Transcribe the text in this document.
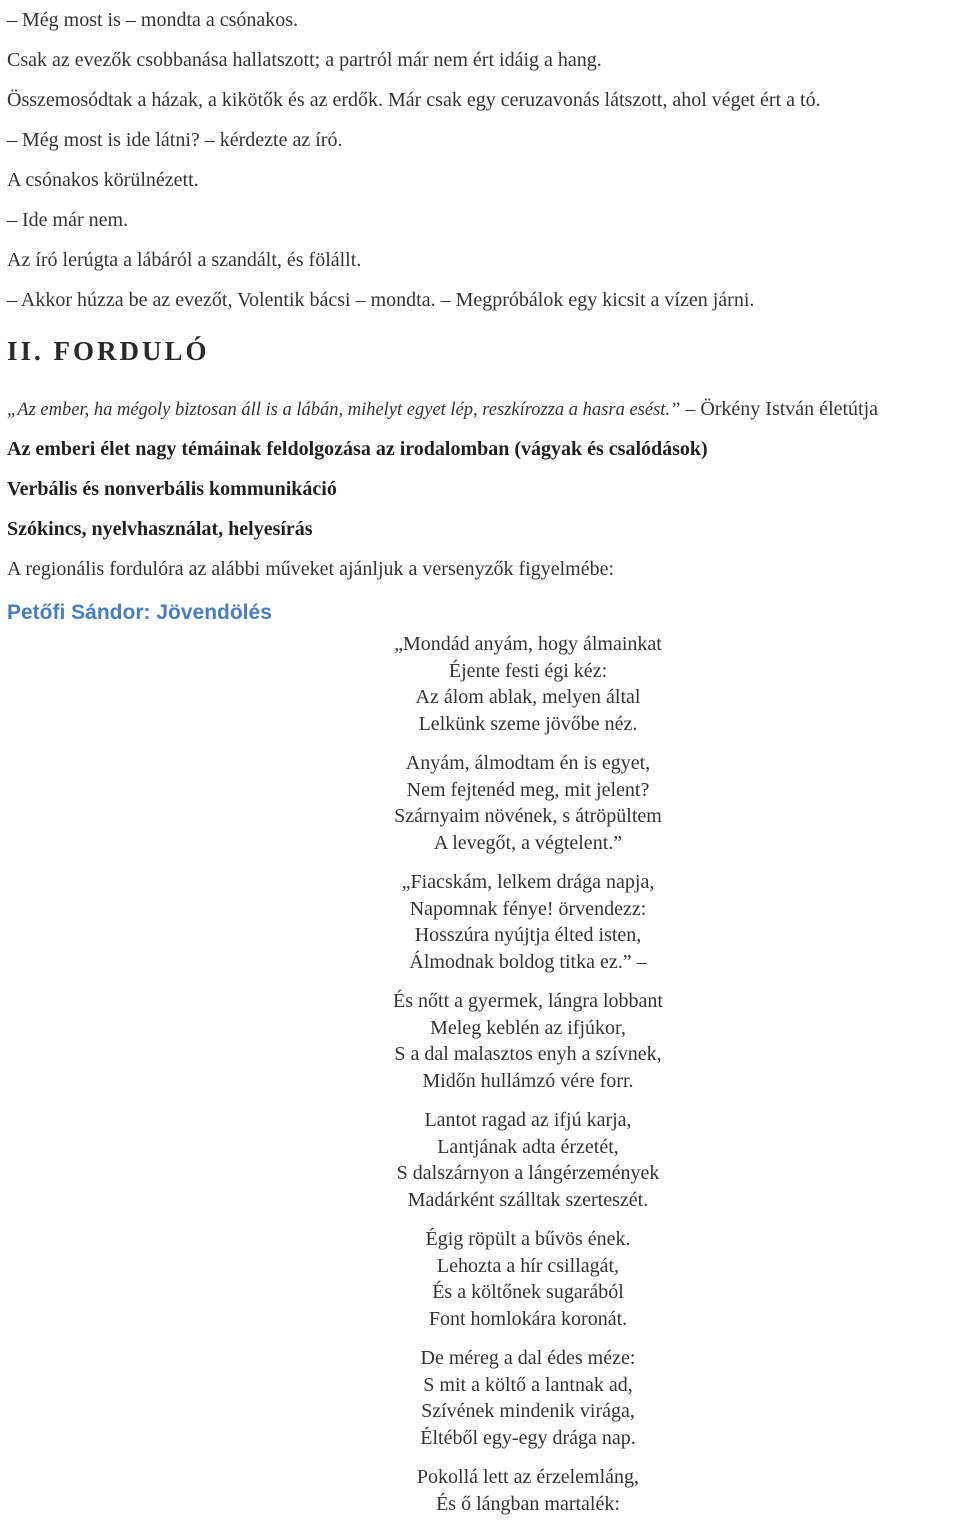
– Még most is – mondta a csónakos.
Csak az evezők csobbanása hallatszott; a partról már nem ért idáig a hang.
Összemosódtak a házak, a kikötők és az erdők. Már csak egy ceruzavonás látszott, ahol véget ért a tó.
– Még most is ide látni? – kérdezte az író.
A csónakos körülnézett.
– Ide már nem.
Az író lerúgta a lábáról a szandált, és fölállt.
– Akkor húzza be az evezőt, Volentik bácsi – mondta. – Megpróbálok egy kicsit a vízen járni.
II. FORDULÓ
„Az ember, ha mégoly biztosan áll is a lábán, mihelyt egyet lép, reszkírozza a hasra esést.” – Örkény István életútja
Az emberi élet nagy témáinak feldolgozása az irodalomban (vágyak és csalódások)
Verbális és nonverbális kommunikáció
Szókincs, nyelvhasználat, helyesírás
A regionális fordulóra az alábbi műveket ajánljuk a versenyzők figyelmébe:
Petőfi Sándor: Jövendölés
„Mondád anyám, hogy álmainkat
Éjente festi égi kéz:
Az álom ablak, melyen által
Lelkünk szeme jövőbe néz.
Anyám, álmodtam én is egyet,
Nem fejtenéd meg, mit jelent?
Szárnyaim növének, s átröpültem
A levegőt, a végtelent.”
„Fiacskám, lelkem drága napja,
Napomnak fénye! örvendezz:
Hosszúra nyújtja élted isten,
Álmodnak boldog titka ez.” –
És nőtt a gyermek, lángra lobbant
Meleg keblén az ifjúkor,
S a dal malasztos enyh a szívnek,
Midőn hullámzó vére forr.
Lantot ragad az ifjú karja,
Lantjának adta érzetét,
S dalszárnyon a lángérzemények
Madárként szálltak szerteszét.
Égig röpült a bűvös ének.
Lehozta a hír csillagát,
És a költőnek sugarából
Font homlokára koronát.
De méreg a dal édes méze:
S mit a költő a lantnak ad,
Szívének mindenik virága,
Éltéből egy-egy drága nap.
Pokollá lett az érzelemláng,
És ő lángban martalék:
